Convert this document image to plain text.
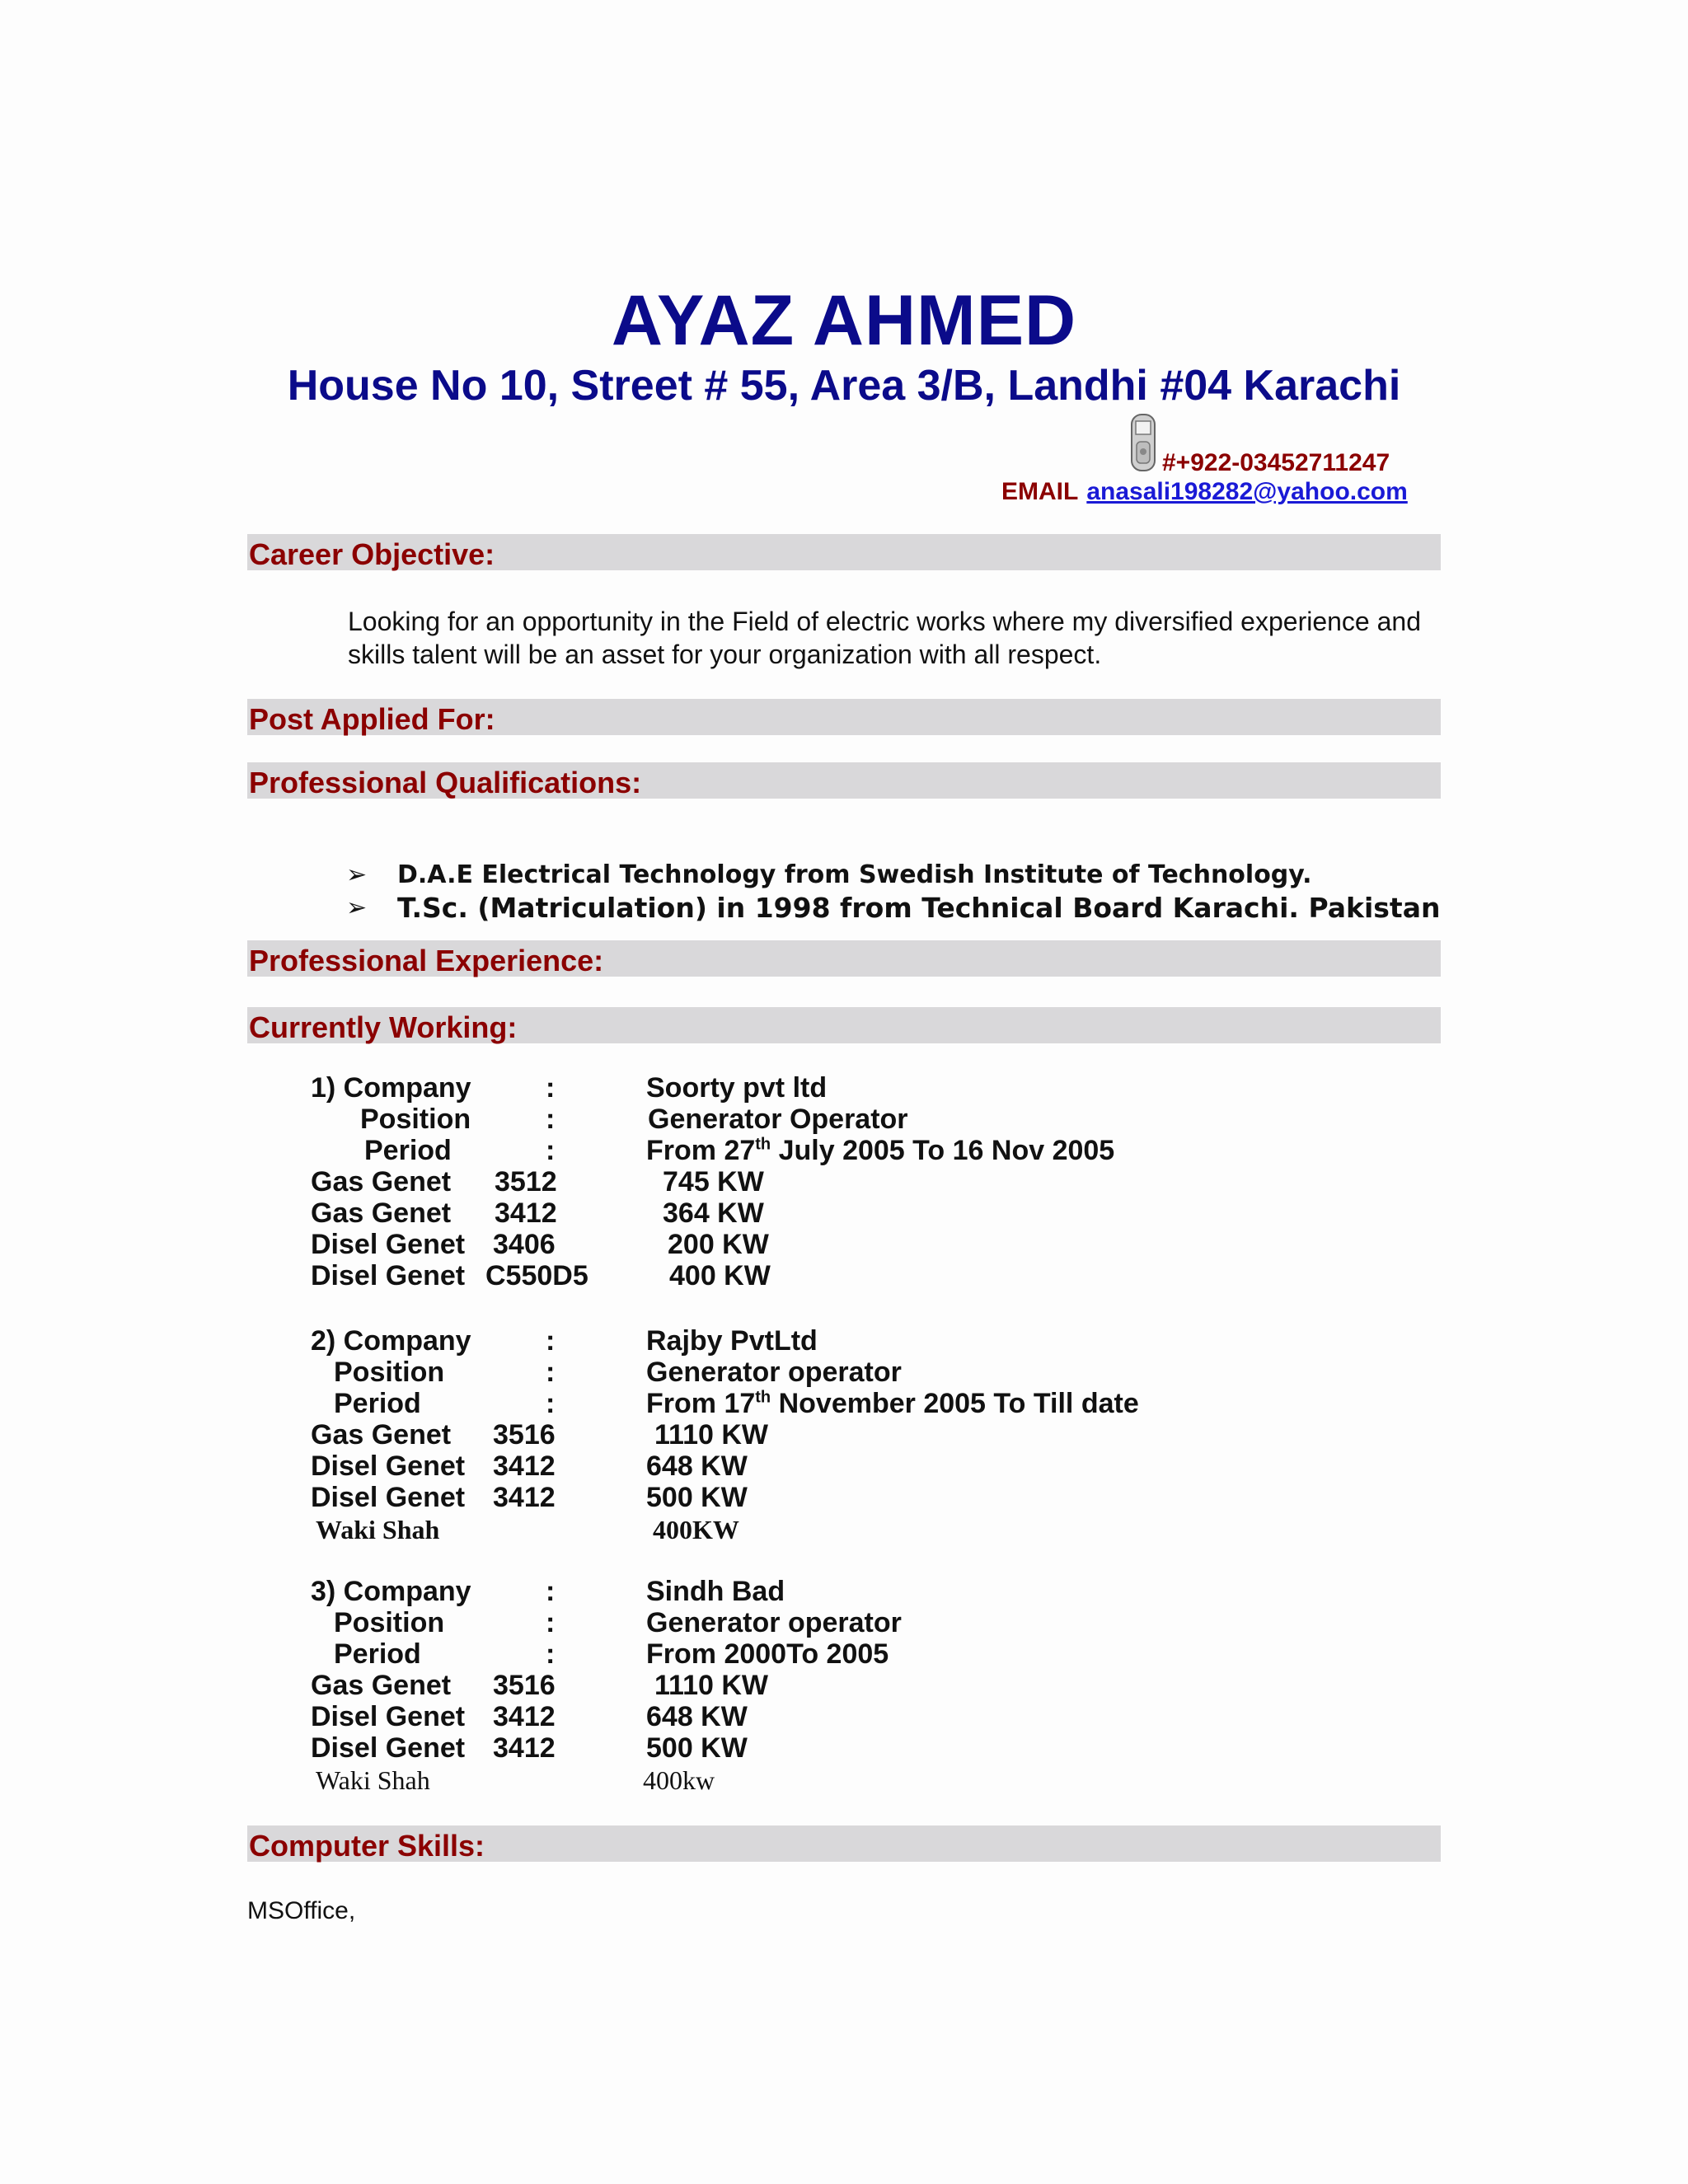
AYAZ AHMED
House No 10, Street # 55, Area 3/B, Landhi #04 Karachi
#+922-03452711247
EMAIL anasali198282@yahoo.com
Career Objective:
Looking for an opportunity in the Field of electric works where my diversified experience and skills talent will be an asset for your organization with all respect.
Post Applied For:
Professional Qualifications:
➢ D.A.E Electrical Technology from Swedish Institute of Technology.
➢ T.Sc. (Matriculation) in 1998 from Technical Board Karachi. Pakistan
Professional Experience:
Currently Working:
1) Company	:	Soorty pvt ltd
Position	:	Generator Operator
Period	:	From 27th July 2005 To 16 Nov 2005
Gas Genet 3512	745 KW
Gas Genet 3412	364 KW
Disel Genet 3406	200 KW
Disel Genet C550D5	400 KW
2) Company	:	Rajby PvtLtd
Position	:	Generator operator
Period	:	From 17th November 2005 To Till date
Gas Genet 3516	1110 KW
Disel Genet 3412	648 KW
Disel Genet 3412	500 KW
Waki Shah	400KW
3) Company	:	Sindh Bad
Position	:	Generator operator
Period	:	From 2000To 2005
Gas Genet 3516	1110 KW
Disel Genet 3412	648 KW
Disel Genet 3412	500 KW
Waki Shah	400kw
Computer Skills:
MSOffice,
